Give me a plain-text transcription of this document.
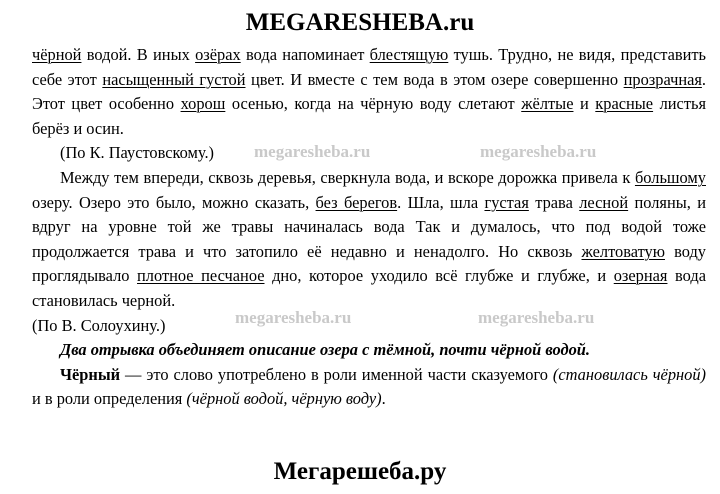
MEGARESHEBA.ru

чёрной водой. В иных озёрах вода напоминает блестящую тушь. Трудно, не видя, представить себе этот насыщенный густой цвет. И вместе с тем вода в этом озере совершенно прозрачная. Этот цвет особенно хорош осенью, когда на чёрную воду слетают жёлтые и красные листья берёз и осин.

(По К. Паустовскому.)

Между тем впереди, сквозь деревья, сверкнула вода, и вскоре дорожка привела к большому озеру. Озеро это было, можно сказать, без берегов. Шла, шла густая трава лесной поляны, и вдруг на уровне той же травы начиналась вода Так и думалось, что под водой тоже продолжается трава и что затопило её недавно и ненадолго. Но сквозь желтоватую воду проглядывало плотное песчаное дно, которое уходило всё глубже и глубже, и озерная вода становилась черной.

(По В. Солоухину.)

Два отрывка объединяет описание озера с тёмной, почти чёрной водой.

Чёрный — это слово употреблено в роли именной части сказуемого (становилась чёрной) и в роли определения (чёрной водой, чёрную воду).

megaresheba.ru	megaresheba.ru
megaresheba.ru	megaresheba.ru
Мегарешеба.ру
